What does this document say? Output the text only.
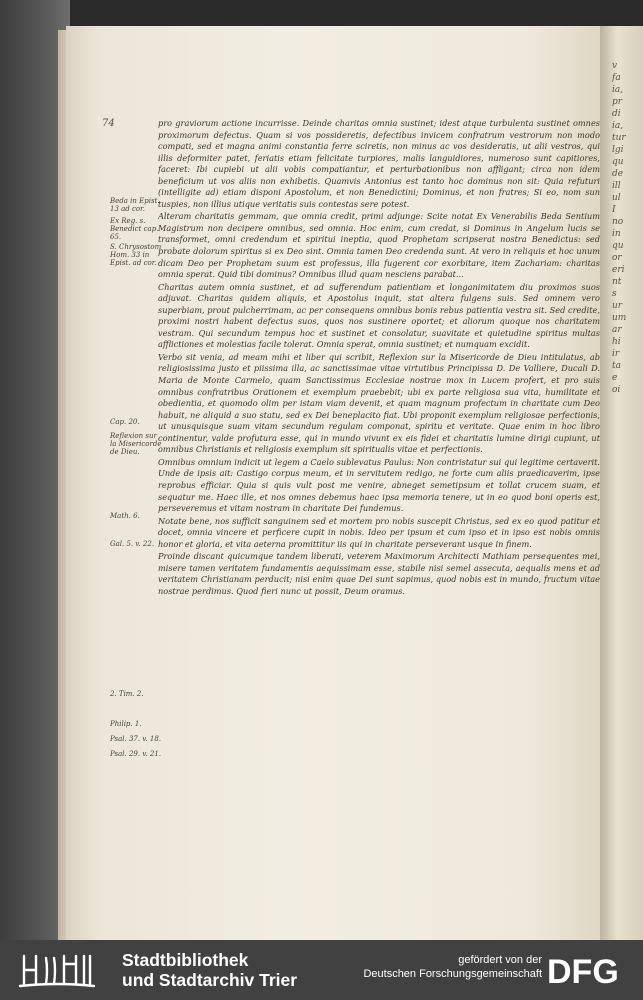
74
Beda in Epist. 13 ad cor.
Ex Reg. s. Benedict cap. 65.
S. Chrysostom Hom. 33 in Epist. ad cor.
Cap. 20.
Reflexion sur la Misericorde de Dieu.
Math. 6.
Gal. 5. v. 22.
2. Tim. 2.
Philip. 1.
Psal. 37. v. 18.
Psal. 29. v. 21.

pro graviorum actione incurrisse. Deinde charitas omnia sustinet; idest atque turbulenta sustinet omnes proximorum defectus. Quam si vos possideretis, defectibus invicem confratrum vestrorum non modo compati, sed et magna animi constantia ferre sciretis, non minus ac vos desideratis, ut alii vestros, qui illis deformiter patet, feriatis etiam felicitate turpiores, malis languidiores, numeroso sunt capitiores, faceret: Ibi cupiebi ut alii vobis compatiantur, et perturbationibus non affligant; circa non idem beneficium ut vos aliis non exhibetis. Quamvis Antonius est tanto hoc dominus non sit: Quia refuturi (intelligite ad) etiam disponi Apostolum, et non Benedictini; Dominus, et non fratres; Si eo, nom sun tuspies, non illius utique veritatis suis contestas sere potest.

Alteram charitatis gemmam, que omnia credit, primi adjunge: Scite notat Ex Venerabilis Beda Sentium Magistrum non decipere omnibus, sed omnia. Hoc enim, cum credat, si Dominus in Angelum lucis se transformet, omni credendum et spiritui ineptia, quod Prophetam scripserat nostra Benedictus: sed probate dolorum spiritus si ex Deo sint. Omnia tamen Deo credenda sunt. At vero in reliquis et hoc unum dicam Deo per Prophetam suum est professus, illa fugerent cor exorbitare, item Zachariam: charitas omnia sperat. Quid tibi dominus? Omnibus illud quam nesciens parabat...

Charitas autem omnia sustinet, et ad sufferendum patientiam et longanimitatem diu proximos suos adjuvat. Charitas quidem aliquis, et Apostolus inquit, stat altera fulgens suis. Sed omnem vero superbiam, prout pulcherrimam, ac per consequens omnibus bonis rebus patientia vestra sit. Sed credite, proximi nostri habent defectus suos, quos nos sustinere oportet; et aliorum quoque nos charitatem vestram. Qui secundum tempus hoc et sustinet et consolatur, suavitate et quietudine spiritus multas afflictiones et molestias facile tolerat. Omnia sperat, omnia sustinet; et numquam excidit.

Verbo sit venia, ad meam mihi et liber qui scribit, Reflexion sur la Misericorde de Dieu intitulatus, ab religiosissima justo et piissima illa, ac sanctissimae vitae virtutibus Principissa D. De Valliere, Ducali D. Maria de Monte Carmelo, quam Sanctissimus Ecclesiae nostrae mox in Lucem profert, et pro suis omnibus confratribus Orationem et exemplum praebebit; ubi ex parte religiosa sua vita, humilitate et obedientia, et quomodo olim per istam viam devenit, et quam magnum profectum in charitate cum Deo habuit, ne aliquid a suo statu, sed ex Dei beneplacito fiat. Ubi proponit exemplum religiosae perfectionis, ut unusquisque suam vitam secundum regulam componat, spiritu et veritate. Quae enim in hoc libro continentur, valde profutura esse, qui in mundo vivunt ex eis fidei et charitatis lumine dirigi cupiunt, ut omnibus Christianis et religiosis exemplum sit spiritualis vitae et perfectionis.

Omnibus omnium indicit ut legem a Caelo sublevatus Paulus: Non contristatur sui qui legitime certaverit. Unde de ipsis ait: Castigo corpus meum, et in servitutem redigo, ne forte cum aliis praedicaverim, ipse reprobus efficiar. Quia si quis vult post me venire, abneget semetipsum et tollat crucem suam, et sequatur me. Haec ille, et nos omnes debemus haec ipsa memoria tenere, ut in eo quod boni operis est, perseveremus et vitam nostram in charitate Dei fundemus.

Notate bene, nos sufficit sanguinem sed et mortem pro nobis suscepit Christus, sed ex eo quod patitur et docet, omnia vincere et perficere cupit in nobis. Ideo per ipsum et cum ipso et in ipso est nobis omnis honor et gloria, et vita aeterna promittitur iis qui in charitate perseverant usque in finem.

Proinde discant quicumque tandem liberati, veterem Maximorum Architecti Mathiam persequentes mei, misere tamen veritatem fundamentis aequissimam esse, stabile nisi semel assecuta, aequalis mens et ad veritatem Christianam perducit; nisi enim quae Dei sunt sapimus, quod nobis est in mundo, fructum vitae nostrae perdimus. Quod fieri nunc ut possit, Deum oramus.

v
fa
ia,
pr
di
ia,
tur
lgi
qu
de
ill
ul
I
no
in
qu
or
eri
nt
s
ur
um
ar
hi
ir
ta
e
oi
Stadtbibliothek
und Stadtarchiv Trier
gefördert von der
Deutschen Forschungsgemeinschaft DFG
